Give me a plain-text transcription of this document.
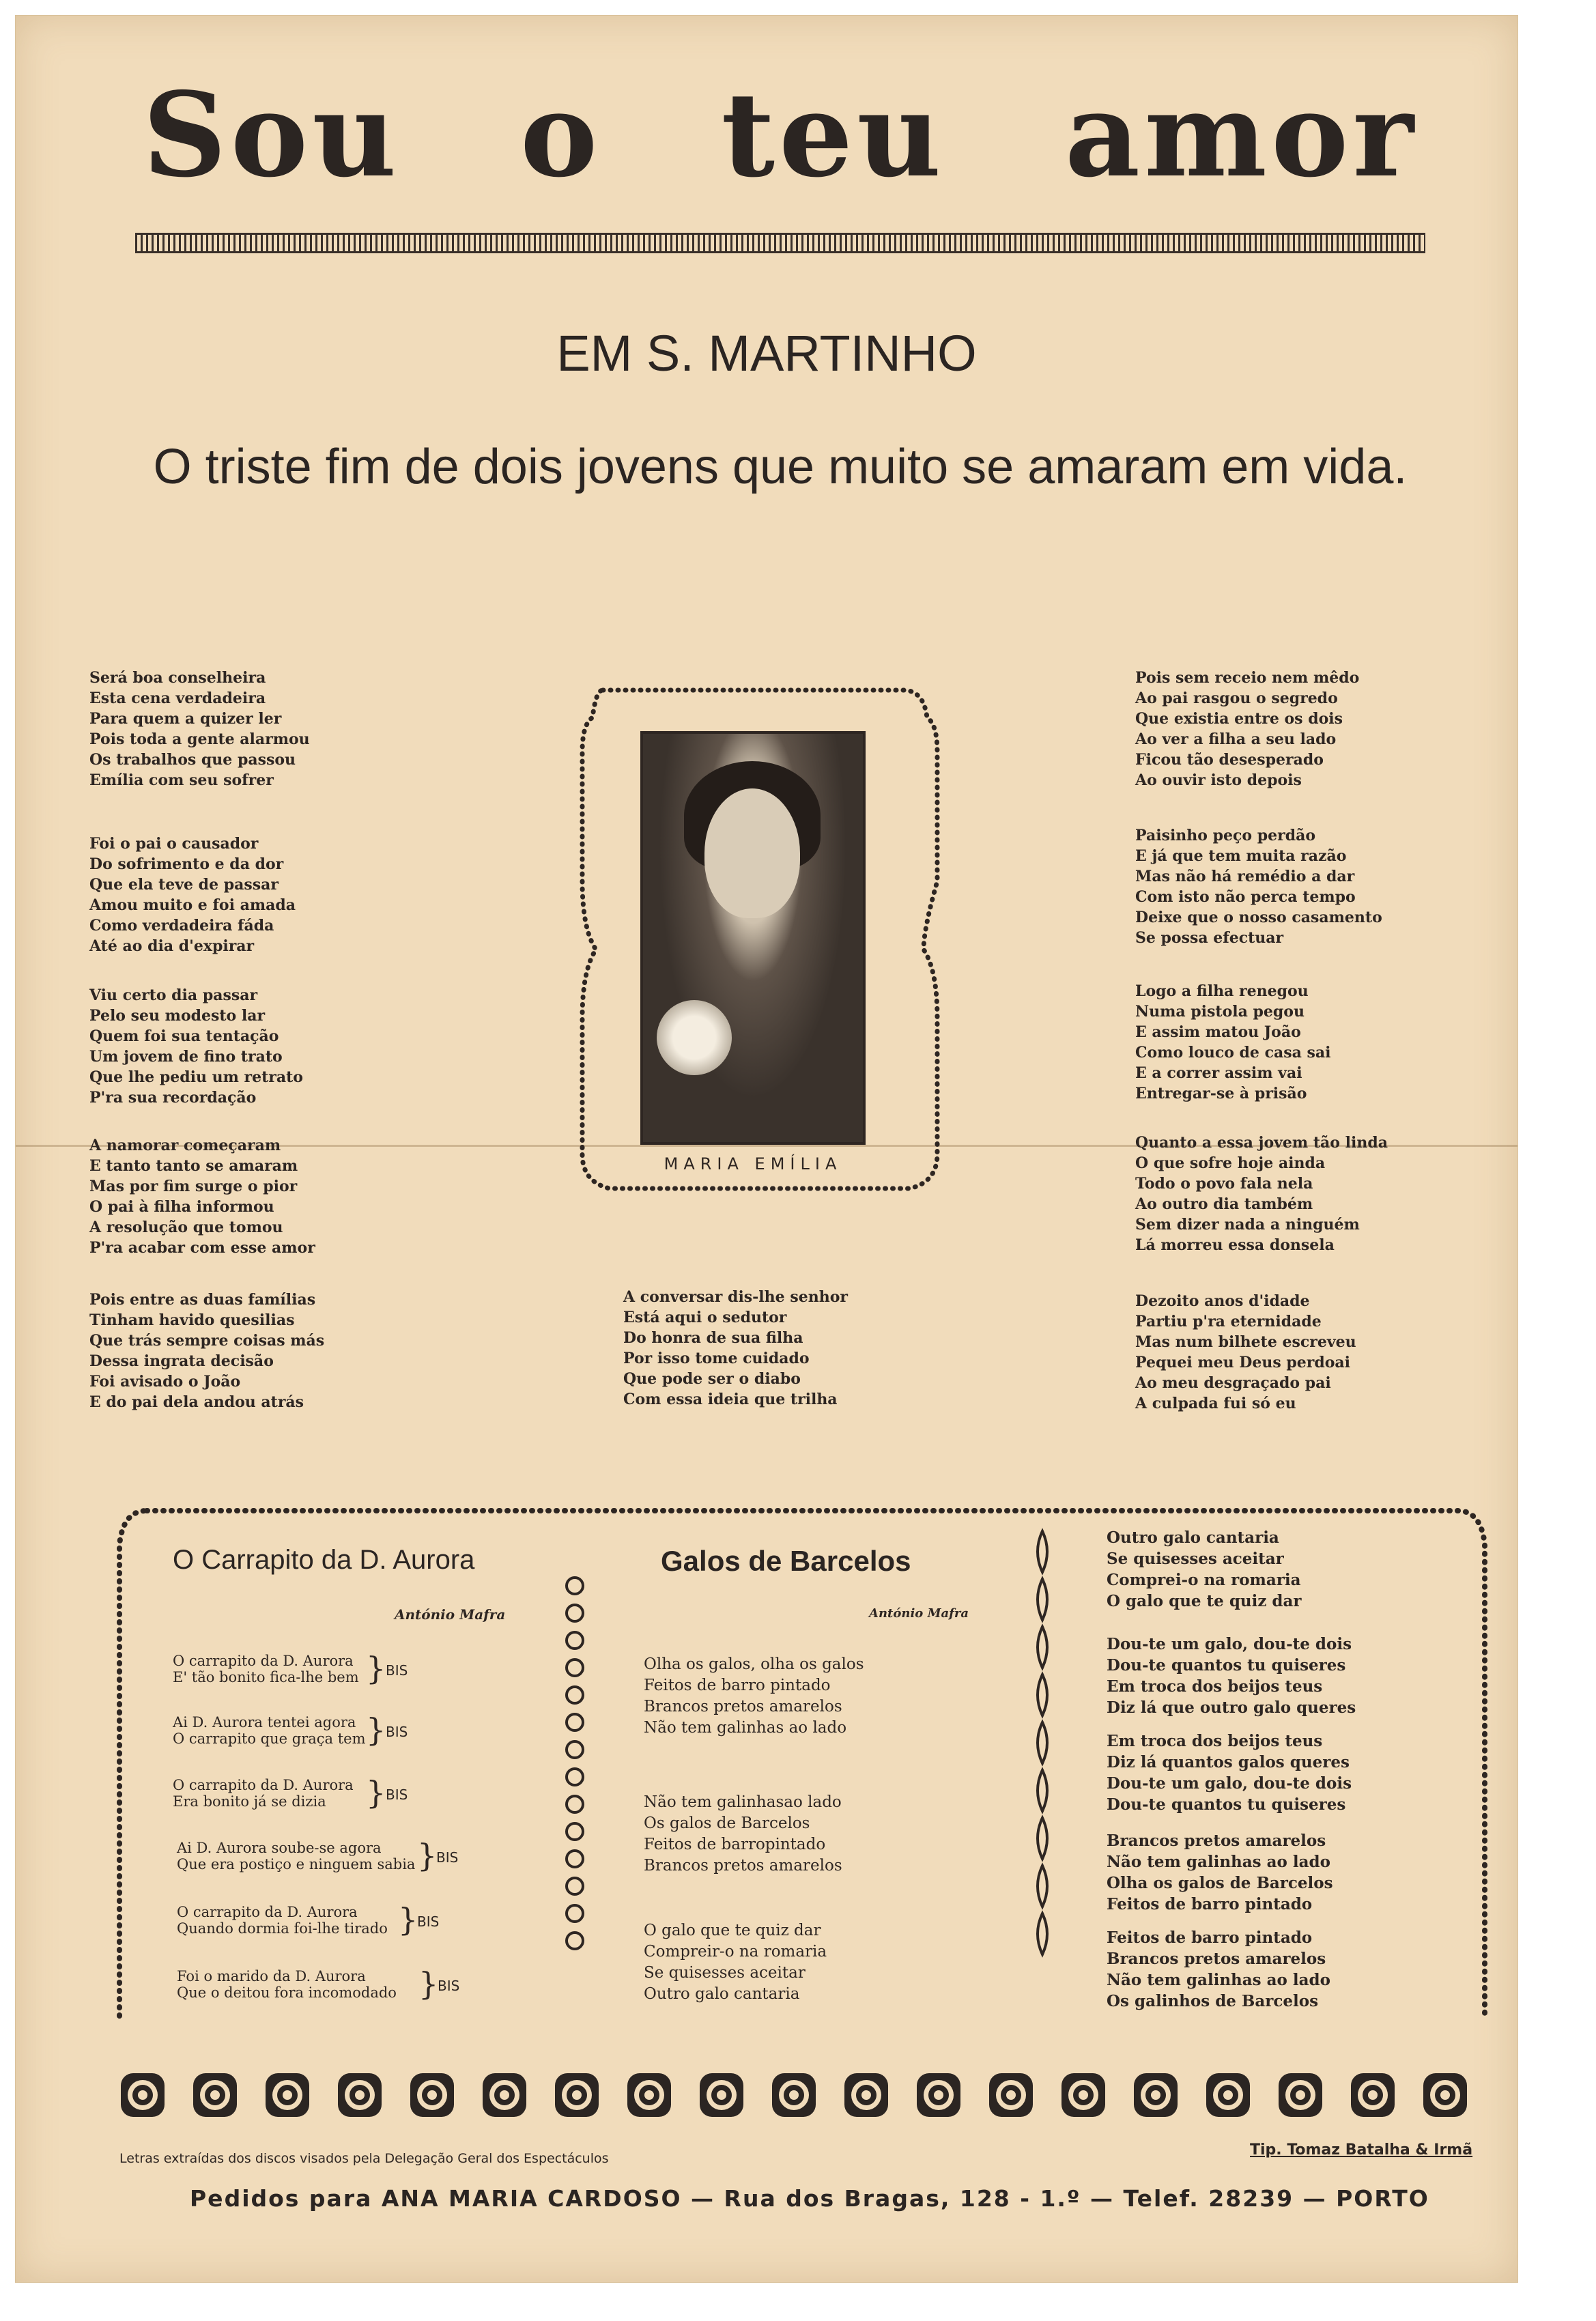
Sou o teu amor
EM S. MARTINHO
O triste fim de dois jovens que muito se amaram em vida.
Será boa conselheira
Esta cena verdadeira
Para quem a quizer ler
Pois toda a gente alarmou
Os trabalhos que passou
Emília com seu sofrer
Foi o pai o causador
Do sofrimento e da dor
Que ela teve de passar
Amou muito e foi amada
Como verdadeira fáda
Até ao dia d'expirar
Viu certo dia passar
Pelo seu modesto lar
Quem foi sua tentação
Um jovem de fino trato
Que lhe pediu um retrato
P'ra sua recordação
A namorar começaram
E tanto tanto se amaram
Mas por fim surge o pior
O pai à filha informou
A resolução que tomou
P'ra acabar com esse amor
Pois entre as duas famílias
Tinham havido quesilias
Que trás sempre coisas más
Dessa ingrata decisão
Foi avisado o João
E do pai dela andou atrás
MARIA EMÍLIA
A conversar dis-lhe senhor
Está aqui o sedutor
Do honra de sua filha
Por isso tome cuidado
Que pode ser o diabo
Com essa ideia que trilha
Pois sem receio nem mêdo
Ao pai rasgou o segredo
Que existia entre os dois
Ao ver a filha a seu lado
Ficou tão desesperado
Ao ouvir isto depois
Paisinho peço perdão
E já que tem muita razão
Mas não há remédio a dar
Com isto não perca tempo
Deixe que o nosso casamento
Se possa efectuar
Logo a filha renegou
Numa pistola pegou
E assim matou João
Como louco de casa sai
E a correr assim vai
Entregar-se à prisão
Quanto a essa jovem tão linda
O que sofre hoje ainda
Todo o povo fala nela
Ao outro dia também
Sem dizer nada a ninguém
Lá morreu essa donsela
Dezoito anos d'idade
Partiu p'ra eternidade
Mas num bilhete escreveu
Pequei meu Deus perdoai
Ao meu desgraçado pai
A culpada fui só eu
O Carrapito da D. Aurora
António Mafra
O carrapito da D. Aurora
E' tão bonito fica-lhe bem } BIS
Ai D. Aurora tentei agora
O carrapito que graça tem } BIS
O carrapito da D. Aurora
Era bonito já se dizia	} BIS
Ai D. Aurora soube-se agora
Que era postiço e ninguem sabia }
BIS
O carrapito da D. Aurora
Quando dormia foi-lhe tirado }
BIS
Foi o marido da D. Aurora
Que o deitou fora incomodado }
BIS
Galos de Barcelos
António Mafra
Olha os galos, olha os galos
Feitos de barro pintado
Brancos pretos amarelos
Não tem galinhas ao lado
Não tem galinhasao lado
Os galos de Barcelos
Feitos de barropintado
Brancos pretos amarelos
O galo que te quiz dar
Compreir-o na romaria
Se quisesses aceitar
Outro galo cantaria
Outro galo cantaria
Se quisesses aceitar
Comprei-o na romaria
O galo que te quiz dar
Dou-te um galo, dou-te dois
Dou-te quantos tu quiseres
Em troca dos beijos teus
Diz lá que outro galo queres
Em troca dos beijos teus
Diz lá quantos galos queres
Dou-te um galo, dou-te dois
Dou-te quantos tu quiseres
Brancos pretos amarelos
Não tem galinhas ao lado
Olha os galos de Barcelos
Feitos de barro pintado
Feitos de barro pintado
Brancos pretos amarelos
Não tem galinhas ao lado
Os galinhos de Barcelos
Letras extraídas dos discos visados pela Delegação Geral dos Espectáculos	Tip. Tomaz Batalha & Irmã
Pedidos para ANA MARIA CARDOSO — Rua dos Bragas, 128 - 1.º — Telef. 28239 — PORTO
